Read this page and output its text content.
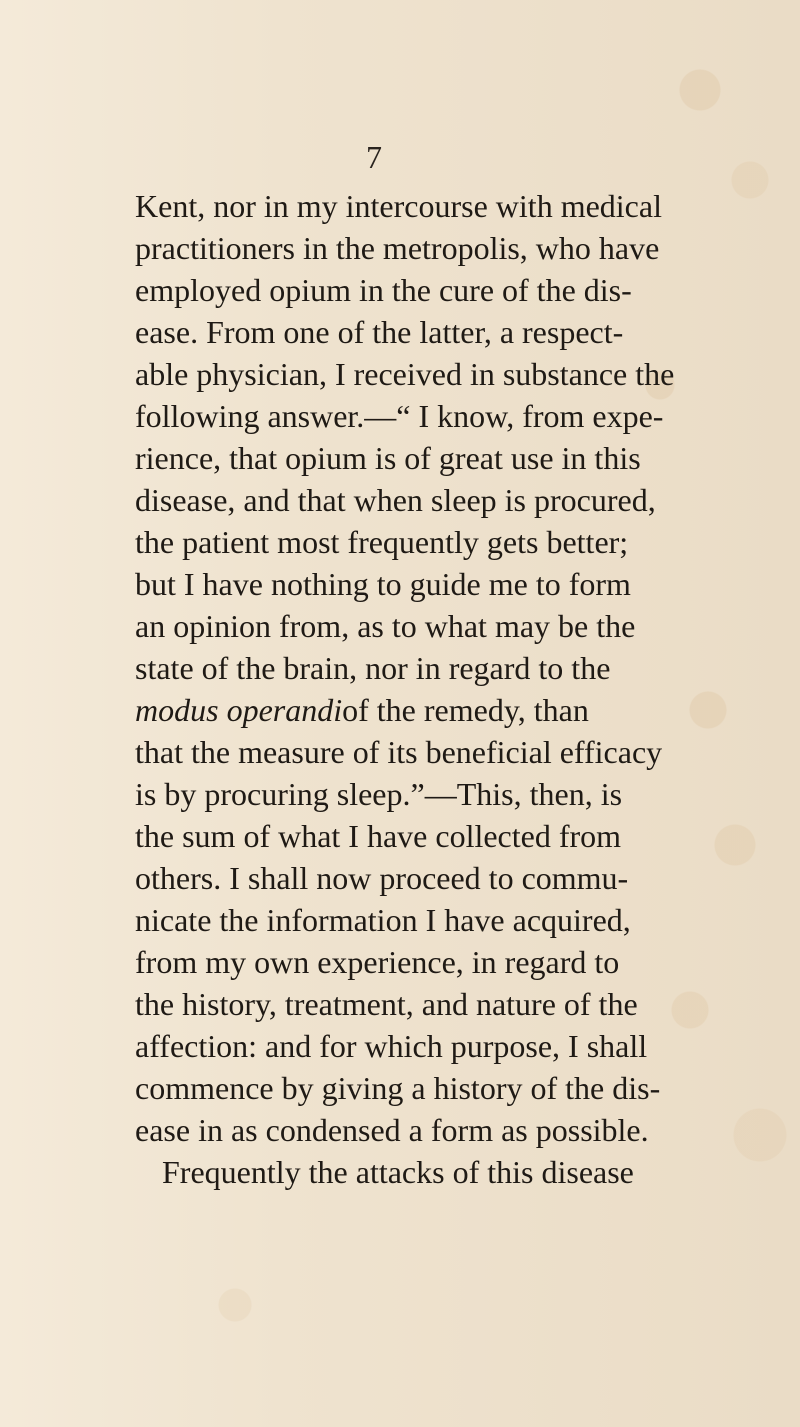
7
Kent, nor in my intercourse with medical
practitioners in the metropolis, who have
employed opium in the cure of the dis-
ease. From one of the latter, a respect-
able physician, I received in substance the
following answer.—“ I know, from expe-
rience, that opium is of great use in this
disease, and that when sleep is procured,
the patient most frequently gets better;
but I have nothing to guide me to form
an opinion from, as to what may be the
state of the brain, nor in regard to the
modus operandi of the remedy, than
that the measure of its beneficial efficacy
is by procuring sleep.”—This, then, is
the sum of what I have collected from
others. I shall now proceed to commu-
nicate the information I have acquired,
from my own experience, in regard to
the history, treatment, and nature of the
affection: and for which purpose, I shall
commence by giving a history of the dis-
ease in as condensed a form as possible.
Frequently the attacks of this disease
